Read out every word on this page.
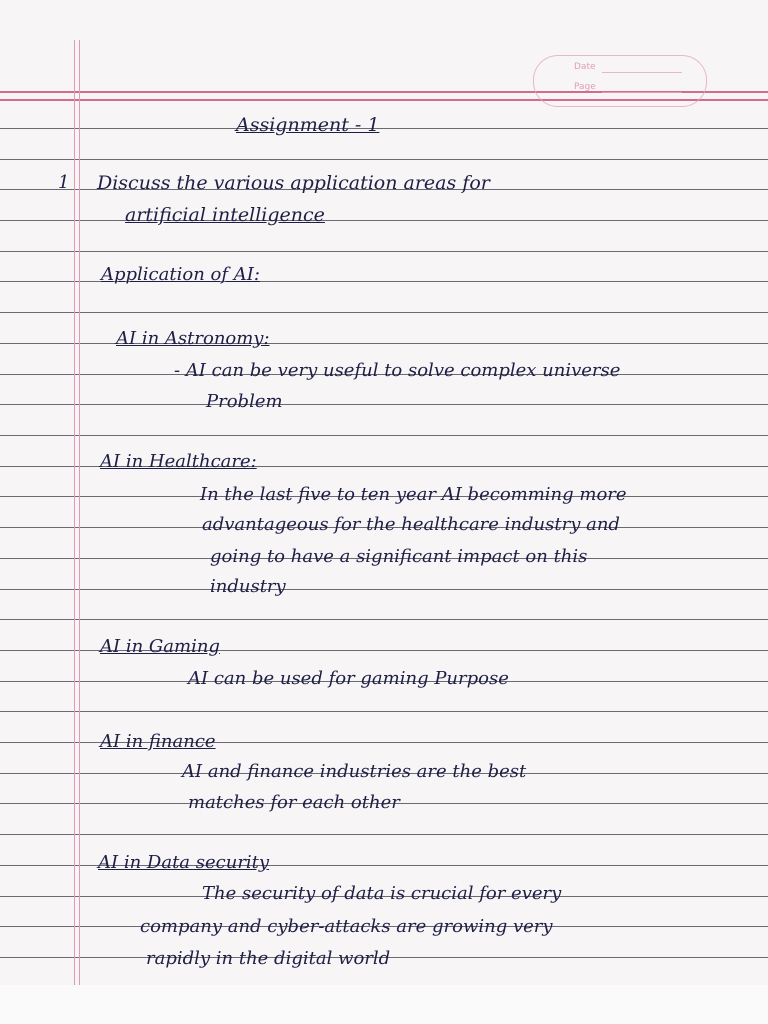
Date
Page
Assignment - 1
1 Discuss the various application areas for
artificial intelligence
Application of AI:
AI in Astronomy:
- AI can be very useful to solve complex universe
Problem
AI in Healthcare:
In the last five to ten year AI becomming more
advantageous for the healthcare industry and
going to have a significant impact on this
industry
AI in Gaming
AI can be used for gaming Purpose
AI in finance
AI and finance industries are the best
matches for each other
AI in Data security
The security of data is crucial for every
company and cyber-attacks are growing very
rapidly in the digital world
